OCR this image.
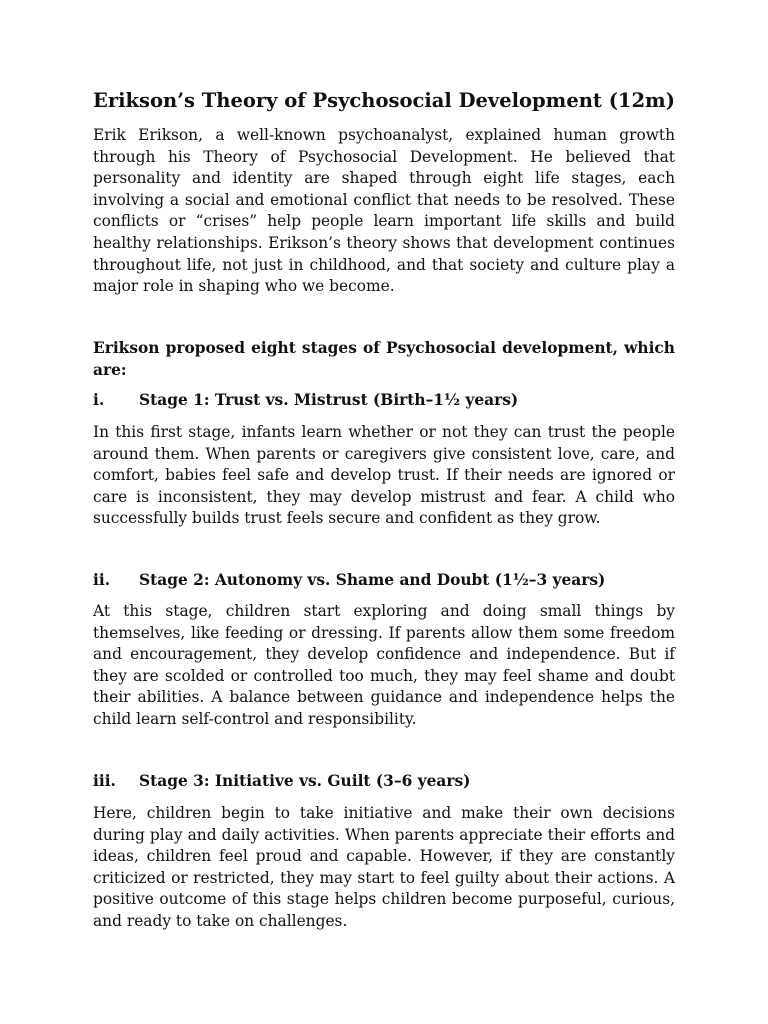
Erikson’s Theory of Psychosocial Development (12m)

Erik Erikson, a well-known psychoanalyst, explained human growth through his Theory of Psychosocial Development. He believed that personality and identity are shaped through eight life stages, each involving a social and emotional conflict that needs to be resolved. These conflicts or “crises” help people learn important life skills and build healthy relationships. Erikson’s theory shows that development continues throughout life, not just in childhood, and that society and culture play a major role in shaping who we become.

Erikson proposed eight stages of Psychosocial development, which are:

i. Stage 1: Trust vs. Mistrust (Birth–1½ years)

In this first stage, infants learn whether or not they can trust the people around them. When parents or caregivers give consistent love, care, and comfort, babies feel safe and develop trust. If their needs are ignored or care is inconsistent, they may develop mistrust and fear. A child who successfully builds trust feels secure and confident as they grow.

ii. Stage 2: Autonomy vs. Shame and Doubt (1½–3 years)

At this stage, children start exploring and doing small things by themselves, like feeding or dressing. If parents allow them some freedom and encouragement, they develop confidence and independence. But if they are scolded or controlled too much, they may feel shame and doubt their abilities. A balance between guidance and independence helps the child learn self-control and responsibility.

iii. Stage 3: Initiative vs. Guilt (3–6 years)

Here, children begin to take initiative and make their own decisions during play and daily activities. When parents appreciate their efforts and ideas, children feel proud and capable. However, if they are constantly criticized or restricted, they may start to feel guilty about their actions. A positive outcome of this stage helps children become purposeful, curious, and ready to take on challenges.
